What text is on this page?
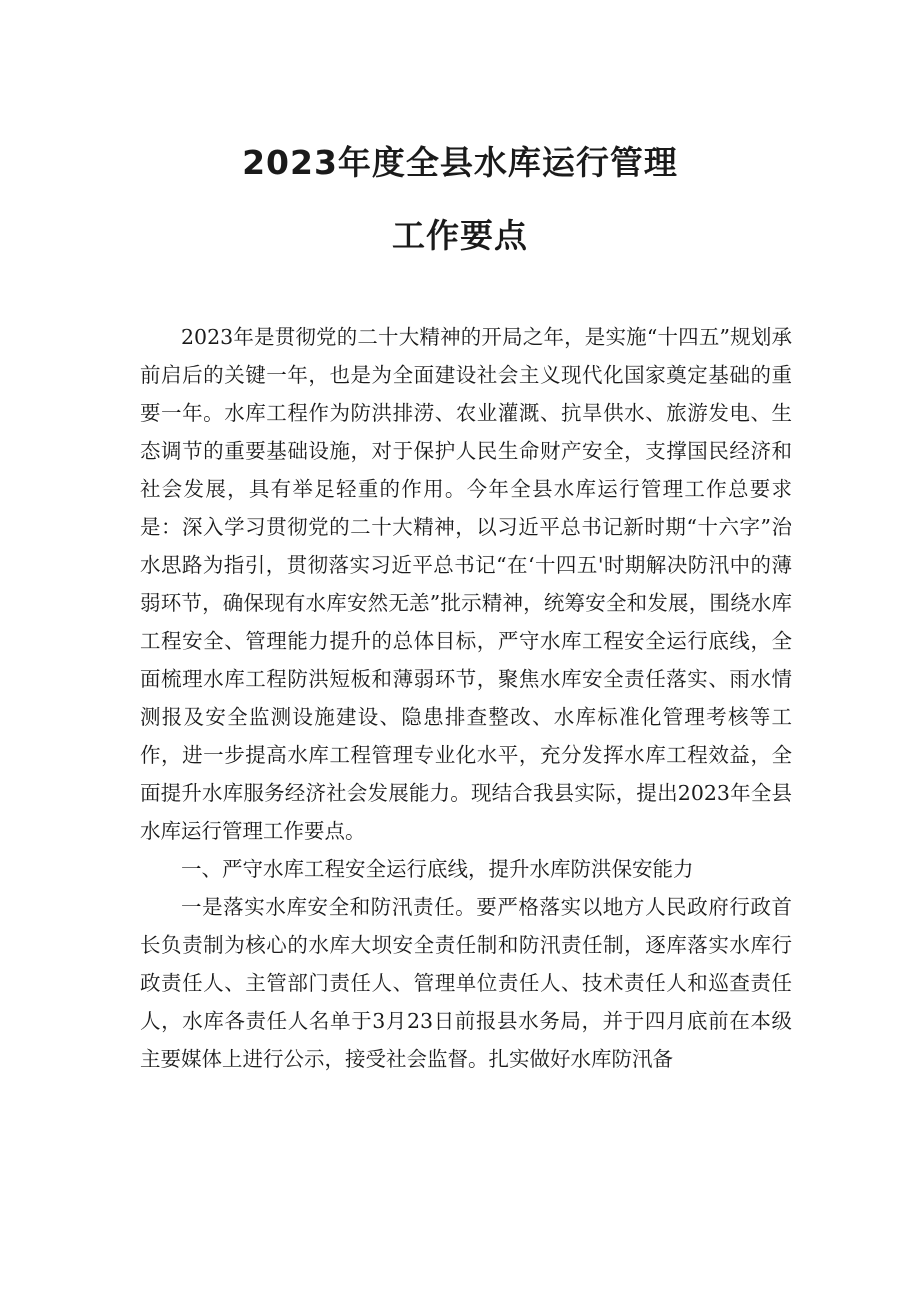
2023年度全县水库运行管理
工作要点

2023年是贯彻党的二十大精神的开局之年，是实施“十四五”规划承前启后的关键一年，也是为全面建设社会主义现代化国家奠定基础的重要一年。水库工程作为防洪排涝、农业灌溉、抗旱供水、旅游发电、生态调节的重要基础设施，对于保护人民生命财产安全，支撑国民经济和社会发展，具有举足轻重的作用。今年全县水库运行管理工作总要求是：深入学习贯彻党的二十大精神，以习近平总书记新时期“十六字”治水思路为指引，贯彻落实习近平总书记“在‘十四五'时期解决防汛中的薄弱环节，确保现有水库安然无恙”批示精神，统筹安全和发展，围绕水库工程安全、管理能力提升的总体目标，严守水库工程安全运行底线，全面梳理水库工程防洪短板和薄弱环节，聚焦水库安全责任落实、雨水情测报及安全监测设施建设、隐患排查整改、水库标准化管理考核等工作，进一步提高水库工程管理专业化水平，充分发挥水库工程效益，全面提升水库服务经济社会发展能力。现结合我县实际，提出2023年全县水库运行管理工作要点。

一、严守水库工程安全运行底线，提升水库防洪保安能力

一是落实水库安全和防汛责任。要严格落实以地方人民政府行政首长负责制为核心的水库大坝安全责任制和防汛责任制，逐库落实水库行政责任人、主管部门责任人、管理单位责任人、技术责任人和巡查责任人，水库各责任人名单于3月23日前报县水务局，并于四月底前在本级主要媒体上进行公示，接受社会监督。扎实做好水库防汛备
